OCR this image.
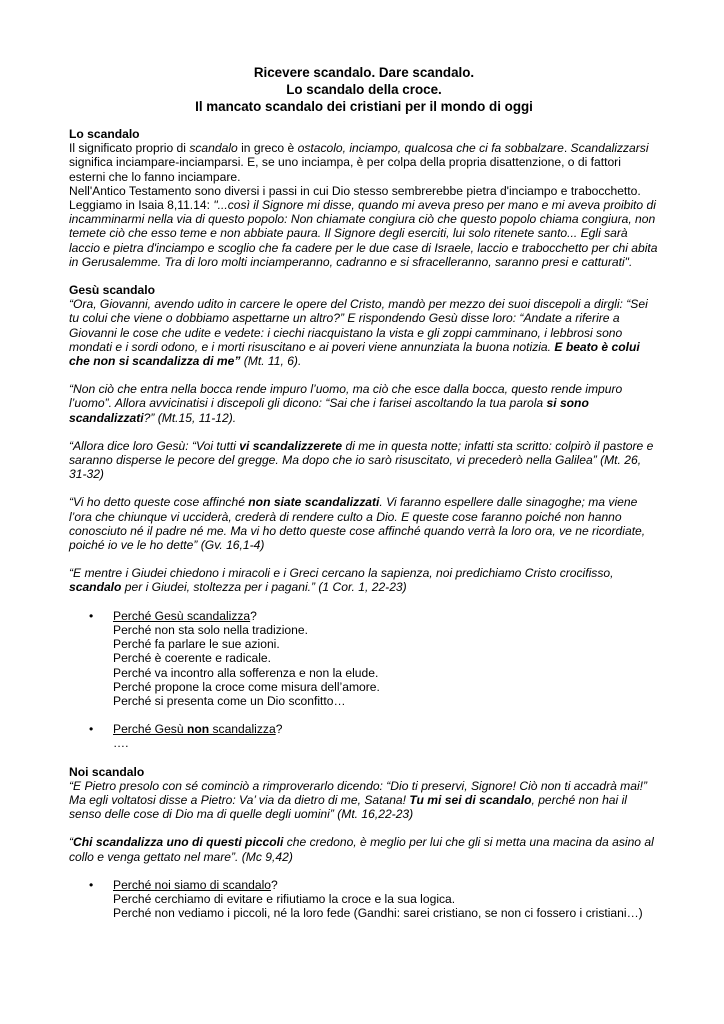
Ricevere scandalo. Dare scandalo.
Lo scandalo della croce.
Il mancato scandalo dei cristiani per il mondo di oggi
Lo scandalo

Il significato proprio di scandalo in greco è ostacolo, inciampo, qualcosa che ci fa sobbalzare. Scandalizzarsi significa inciampare-inciamparsi. E, se uno inciampa, è per colpa della propria disattenzione, o di fattori esterni che lo fanno inciampare.

Nell'Antico Testamento sono diversi i passi in cui Dio stesso sembrerebbe pietra d'inciampo e trabocchetto. Leggiamo in Isaia 8,11.14: "...così il Signore mi disse, quando mi aveva preso per mano e mi aveva proibito di incamminarmi nella via di questo popolo: Non chiamate congiura ciò che questo popolo chiama congiura, non temete ciò che esso teme e non abbiate paura. Il Signore degli eserciti, lui solo ritenete santo... Egli sarà laccio e pietra d'inciampo e scoglio che fa cadere per le due case di Israele, laccio e trabocchetto per chi abita in Gerusalemme. Tra di loro molti inciamperanno, cadranno e si sfracelleranno, saranno presi e catturati".

Gesù scandalo

“Ora, Giovanni, avendo udito in carcere le opere del Cristo, mandò per mezzo dei suoi discepoli a dirgli: “Sei tu colui che viene o dobbiamo aspettarne un altro?” E rispondendo Gesù disse loro: “Andate a riferire a Giovanni le cose che udite e vedete: i ciechi riacquistano la vista e gli zoppi camminano, i lebbrosi sono mondati e i sordi odono, e i morti risuscitano e ai poveri viene annunziata la buona notizia. E beato è colui che non si scandalizza di me” (Mt. 11, 6).

“Non ciò che entra nella bocca rende impuro l’uomo, ma ciò che esce dalla bocca, questo rende impuro l’uomo”. Allora avvicinatisi i discepoli gli dicono: “Sai che i farisei ascoltando la tua parola si sono scandalizzati?” (Mt.15, 11-12).

“Allora dice loro Gesù: “Voi tutti vi scandalizzerete di me in questa notte; infatti sta scritto: colpirò il pastore e saranno disperse le pecore del gregge. Ma dopo che io sarò risuscitato, vi precederò nella Galilea” (Mt. 26, 31-32)

“Vi ho detto queste cose affinché non siate scandalizzati. Vi faranno espellere dalle sinagoghe; ma viene l’ora che chiunque vi ucciderà, crederà di rendere culto a Dio. E queste cose faranno poiché non hanno conosciuto né il padre né me. Ma vi ho detto queste cose affinché quando verrà la loro ora, ve ne ricordiate, poiché io ve le ho dette” (Gv. 16,1-4)

“E mentre i Giudei chiedono i miracoli e i Greci cercano la sapienza, noi predichiamo Cristo crocifisso, scandalo per i Giudei, stoltezza per i pagani.” (1 Cor. 1, 22-23)

• Perché Gesù scandalizza?
Perché non sta solo nella tradizione.
Perché fa parlare le sue azioni.
Perché è coerente e radicale.
Perché va incontro alla sofferenza e non la elude.
Perché propone la croce come misura dell’amore.
Perché si presenta come un Dio sconfitto…
• Perché Gesù non scandalizza?
….
Noi scandalo

“E Pietro presolo con sé cominciò a rimproverarlo dicendo: “Dio ti preservi, Signore! Ciò non ti accadrà mai!” Ma egli voltatosi disse a Pietro: Va’ via da dietro di me, Satana! Tu mi sei di scandalo, perché non hai il senso delle cose di Dio ma di quelle degli uomini” (Mt. 16,22-23)

“Chi scandalizza uno di questi piccoli che credono, è meglio per lui che gli si metta una macina da asino al collo e venga gettato nel mare”. (Mc 9,42)

• Perché noi siamo di scandalo?
Perché cerchiamo di evitare e rifiutiamo la croce e la sua logica.
Perché non vediamo i piccoli, né la loro fede (Gandhi: sarei cristiano, se non ci fossero i cristiani…)
